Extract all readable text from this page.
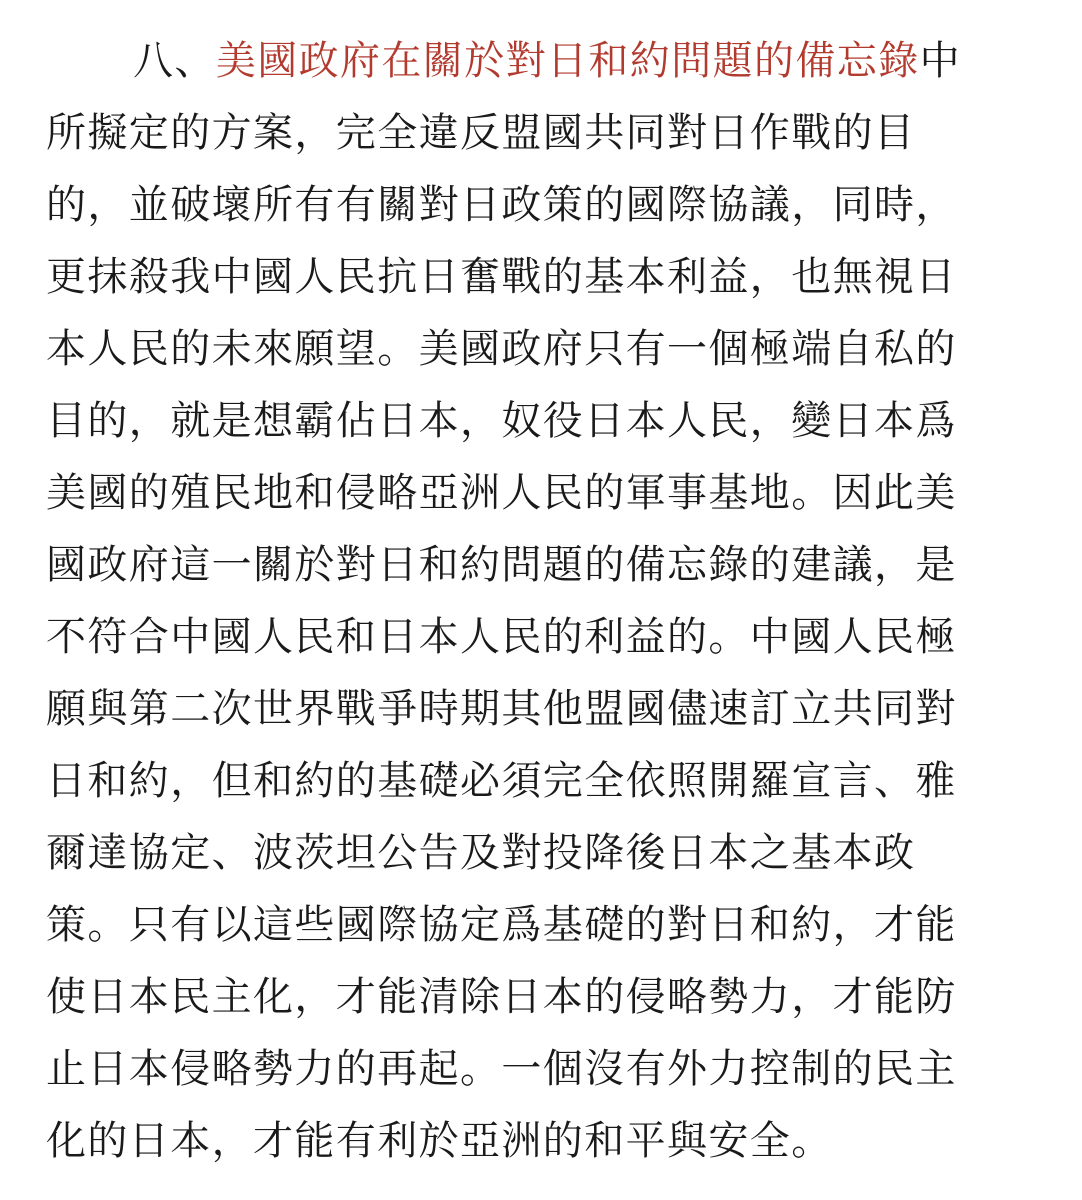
八、美國政府在關於對日和約問題的備忘錄中
所擬定的方案，完全違反盟國共同對日作戰的目
的，並破壞所有有關對日政策的國際協議，同時，
更抹殺我中國人民抗日奮戰的基本利益，也無視日
本人民的未來願望。美國政府只有一個極端自私的
目的，就是想霸佔日本，奴役日本人民，變日本爲
美國的殖民地和侵略亞洲人民的軍事基地。因此美
國政府這一關於對日和約問題的備忘錄的建議，是
不符合中國人民和日本人民的利益的。中國人民極
願與第二次世界戰爭時期其他盟國儘速訂立共同對
日和約，但和約的基礎必須完全依照開羅宣言、雅
爾達協定、波茨坦公告及對投降後日本之基本政
策。只有以這些國際協定爲基礎的對日和約，才能
使日本民主化，才能清除日本的侵略勢力，才能防
止日本侵略勢力的再起。一個沒有外力控制的民主
化的日本，才能有利於亞洲的和平與安全。
